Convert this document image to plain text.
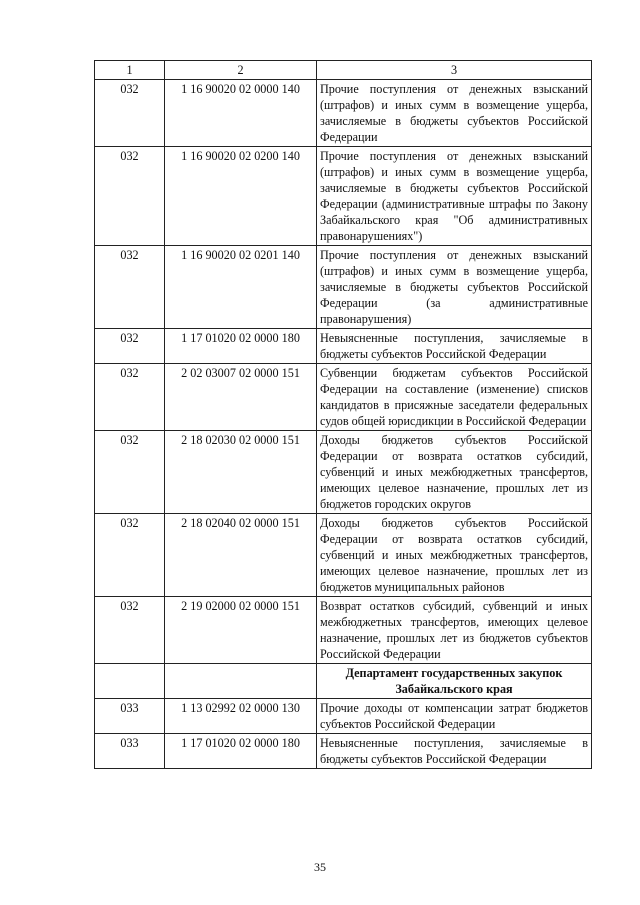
1	2	3
032	1 16 90020 02 0000 140	Прочие поступления от денежных взысканий (штрафов) и иных сумм в возмещение ущерба, зачисляемые в бюджеты субъектов Российской Федерации
032	1 16 90020 02 0200 140	Прочие поступления от денежных взысканий (штрафов) и иных сумм в возмещение ущерба, зачисляемые в бюджеты субъектов Российской Федерации (административные штрафы по Закону Забайкальского края "Об административных правонарушениях")
032	1 16 90020 02 0201 140	Прочие поступления от денежных взысканий (штрафов) и иных сумм в возмещение ущерба, зачисляемые в бюджеты субъектов Российской Федерации (за административные правонарушения)
032	1 17 01020 02 0000 180	Невыясненные поступления, зачисляемые в бюджеты субъектов Российской Федерации
032	2 02 03007 02 0000 151	Субвенции бюджетам субъектов Российской Федерации на составление (изменение) списков кандидатов в присяжные заседатели федеральных судов общей юрисдикции в Российской Федерации
032	2 18 02030 02 0000 151	Доходы бюджетов субъектов Российской Федерации от возврата остатков субсидий, субвенций и иных межбюджетных трансфертов, имеющих целевое назначение, прошлых лет из бюджетов городских округов
032	2 18 02040 02 0000 151	Доходы бюджетов субъектов Российской Федерации от возврата остатков субсидий, субвенций и иных межбюджетных трансфертов, имеющих целевое назначение, прошлых лет из бюджетов муниципальных районов
032	2 19 02000 02 0000 151	Возврат остатков субсидий, субвенций и иных межбюджетных трансфертов, имеющих целевое назначение, прошлых лет из бюджетов субъектов Российской Федерации
		Департамент государственных закупок Забайкальского края
033	1 13 02992 02 0000 130	Прочие доходы от компенсации затрат бюджетов субъектов Российской Федерации
033	1 17 01020 02 0000 180	Невыясненные поступления, зачисляемые в бюджеты субъектов Российской Федерации
35
